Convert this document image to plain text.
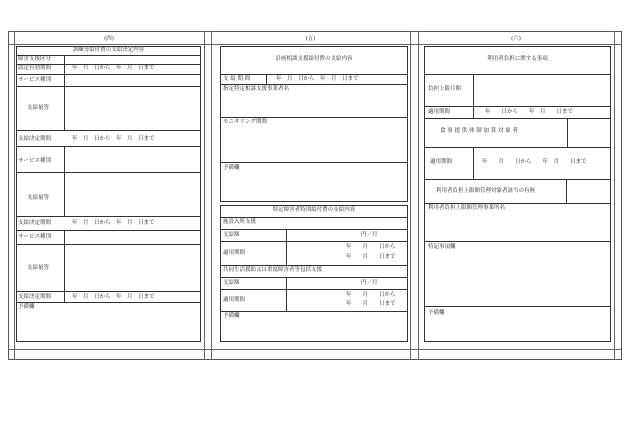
(四)	(五)	(六)
訓練等給付費の支給決定内容
障害支援区分
認定有効期間	年　月　日から　年　月　日まで
サービス種別
支給量等
支給決定期間	年　月　日から　年　月　日まで
サービス種別
支給量等
支給決定期間	年　月　日から　年　月　日まで
サービス種別
支給量等
支給決定期間	年　月　日から　年　月　日まで
予備欄
計画相談支援給付費の支給内容
支 給 期 間	年　月　日から　年　月　日まで
指定特定相談支援事業者名
モニタリング期間
予備欄
特定障害者特別給付費の支給内容
施設入所支援
支給額	円／月
適用期間
年　　月　　日から
年　　月　　日まで
共同生活援助又は重度障害者等包括支援
支給額	円／月
適用期間
年　　月　　日から
年　　月　　日まで
予備欄
利用者負担に関する事項
負担上限月額
適用期間	年　　日から　　年　月　　日まで
食 事 提 供 体 制 加 算 対 象 者
適用期間	年　　月　　日から　　年　月　　日まで
利用者負担上限額管理対象者該当の有無
利用者負担上限額管理事業所名
特記事項欄
予備欄
